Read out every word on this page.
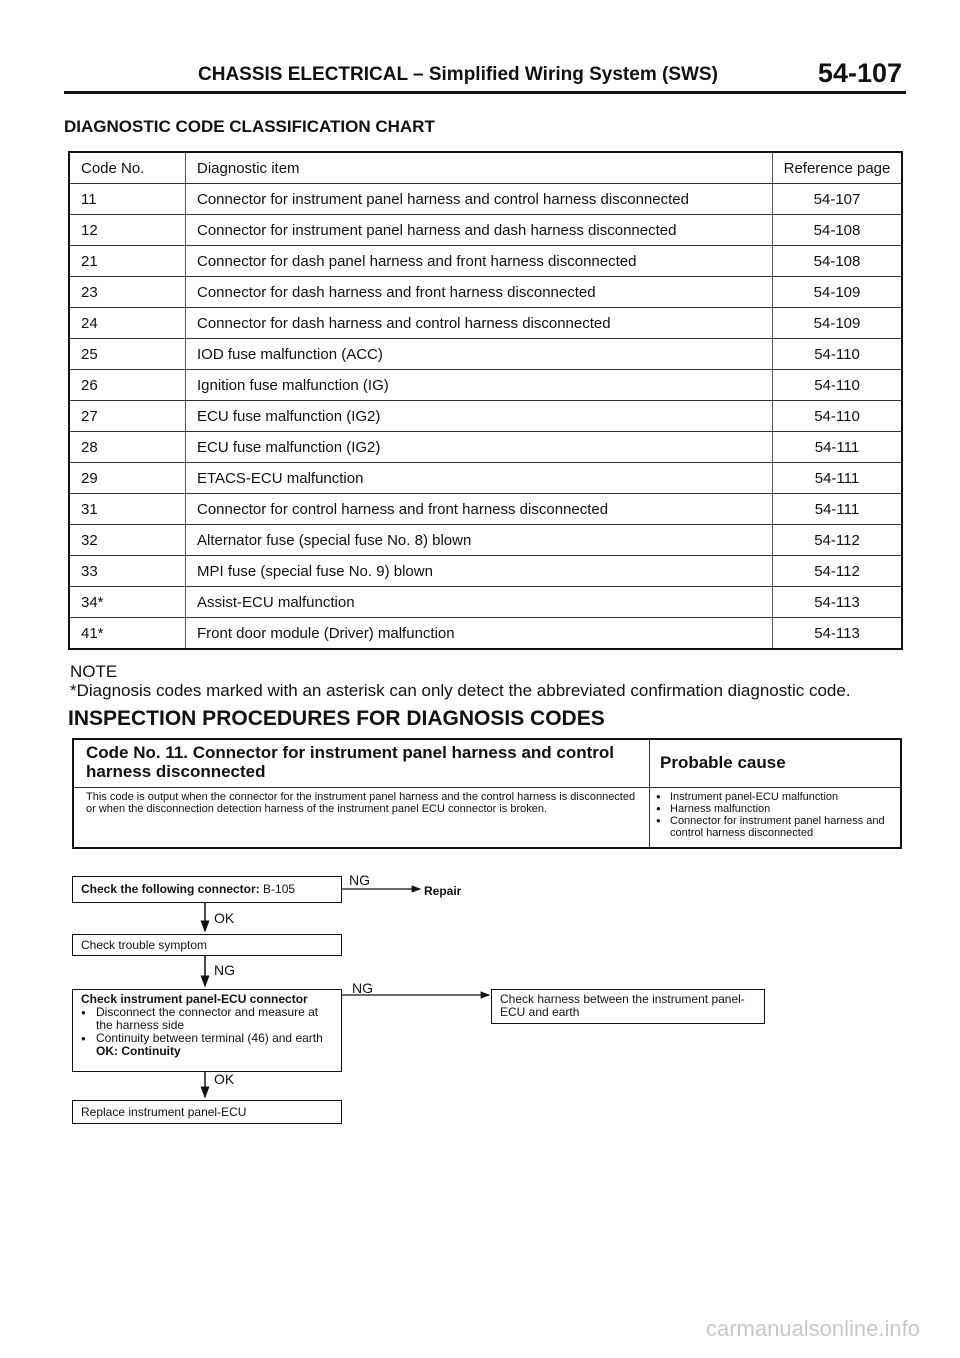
CHASSIS ELECTRICAL – Simplified Wiring System (SWS)	54-107
DIAGNOSTIC CODE CLASSIFICATION CHART
Code No.	Diagnostic item	Reference page
11	Connector for instrument panel harness and control harness disconnected	54-107
12	Connector for instrument panel harness and dash harness disconnected	54-108
21	Connector for dash panel harness and front harness disconnected	54-108
23	Connector for dash harness and front harness disconnected	54-109
24	Connector for dash harness and control harness disconnected	54-109
25	IOD fuse malfunction (ACC)	54-110
26	Ignition fuse malfunction (IG)	54-110
27	ECU fuse malfunction (IG2)	54-110
28	ECU fuse malfunction (IG2)	54-111
29	ETACS-ECU malfunction	54-111
31	Connector for control harness and front harness disconnected	54-111
32	Alternator fuse (special fuse No. 8) blown	54-112
33	MPI fuse (special fuse No. 9) blown	54-112
34*	Assist-ECU malfunction	54-113
41*	Front door module (Driver) malfunction	54-113
NOTE
*Diagnosis codes marked with an asterisk can only detect the abbreviated confirmation diagnostic code.
INSPECTION PROCEDURES FOR DIAGNOSIS CODES
Code No. 11. Connector for instrument panel harness and control harness disconnected	Probable cause
This code is output when the connector for the instrument panel harness and the control harness is disconnected or when the disconnection detection harness of the instrument panel ECU connector is broken.
● Instrument panel-ECU malfunction
● Harness malfunction
● Connector for instrument panel harness and control harness disconnected
Check the following connector: B-105
NG
Repair
OK
Check trouble symptom
NG
Check instrument panel-ECU connector
● Disconnect the connector and measure at the harness side
● Continuity between terminal (46) and earth
OK: Continuity
NG
Check harness between the instrument panel-ECU and earth
OK
Replace instrument panel-ECU
carmanualsonline.info
